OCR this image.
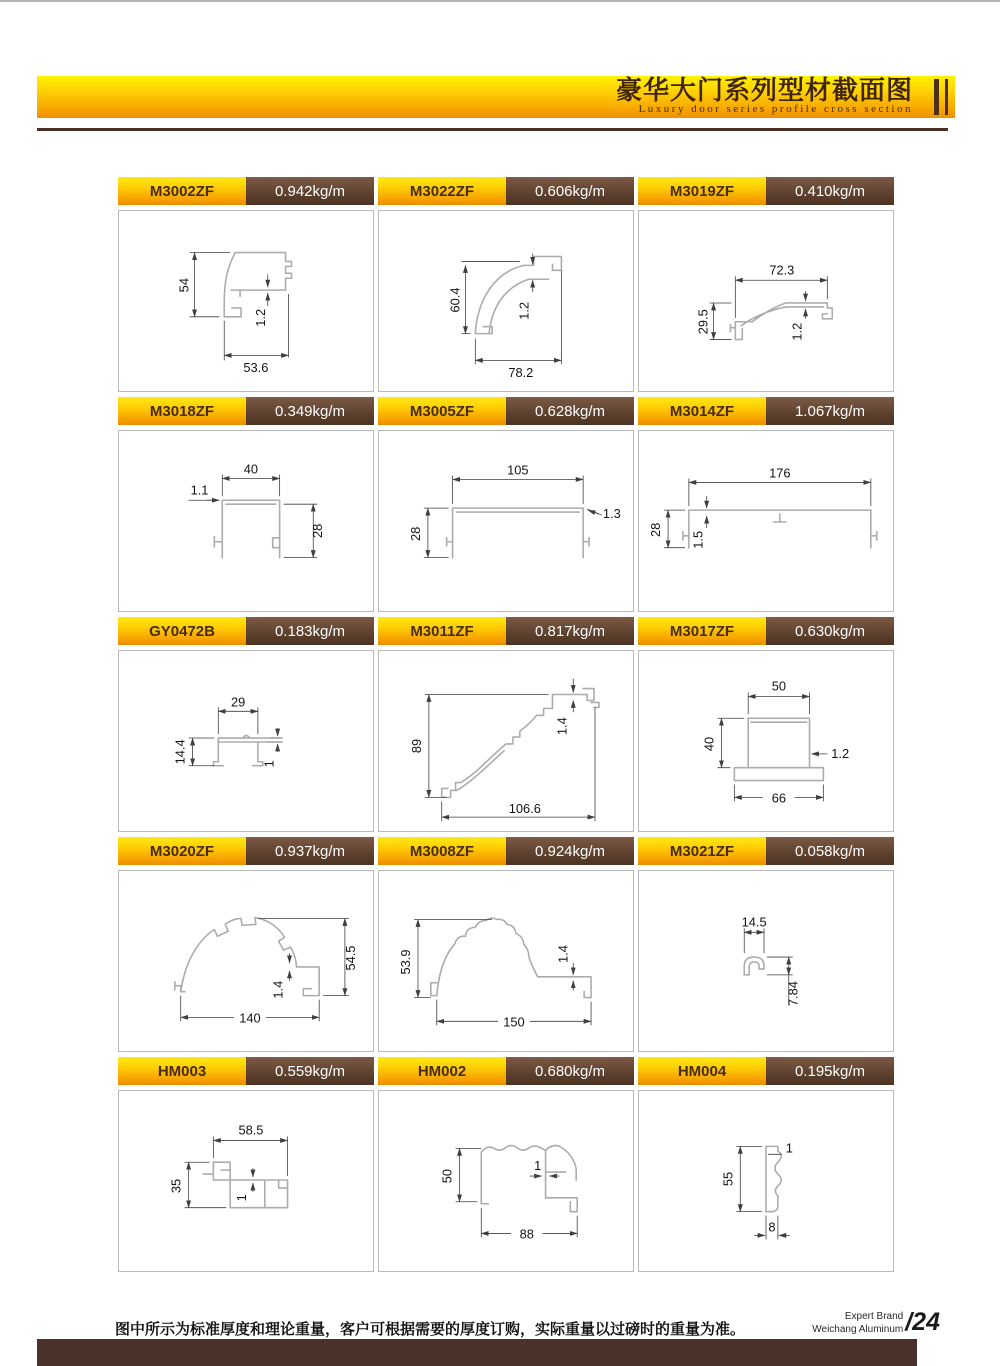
豪华大门系列型材截面图
Luxury door series profile cross section
M3002ZF	0.942kg/m
54
1.2
53.6
M3022ZF	0.606kg/m
60.4	1.2
78.2
M3019ZF	0.410kg/m
72.3
29.5	1.2
M3018ZF	0.349kg/m
40
1.1
28
M3005ZF	0.628kg/m
105
28
1.3
M3014ZF	1.067kg/m
176
28
1.5
GY0472B	0.183kg/m
29
14.4	1
M3011ZF	0.817kg/m
89
1.4
106.6
M3017ZF	0.630kg/m
50
40
1.2
66
M3020ZF	0.937kg/m
140
1.4
54.5
M3008ZF	0.924kg/m
53.9	1.4
150
M3021ZF	0.058kg/m
14.5
7.84
HM003	0.559kg/m
58.5
35
1
HM002	0.680kg/m
50
1
88
HM004	0.195kg/m
1
55
8
图中所示为标准厚度和理论重量，客户可根据需要的厚度订购，实际重量以过磅时的重量为准。
Expert Brand
Weichang Aluminum /24
